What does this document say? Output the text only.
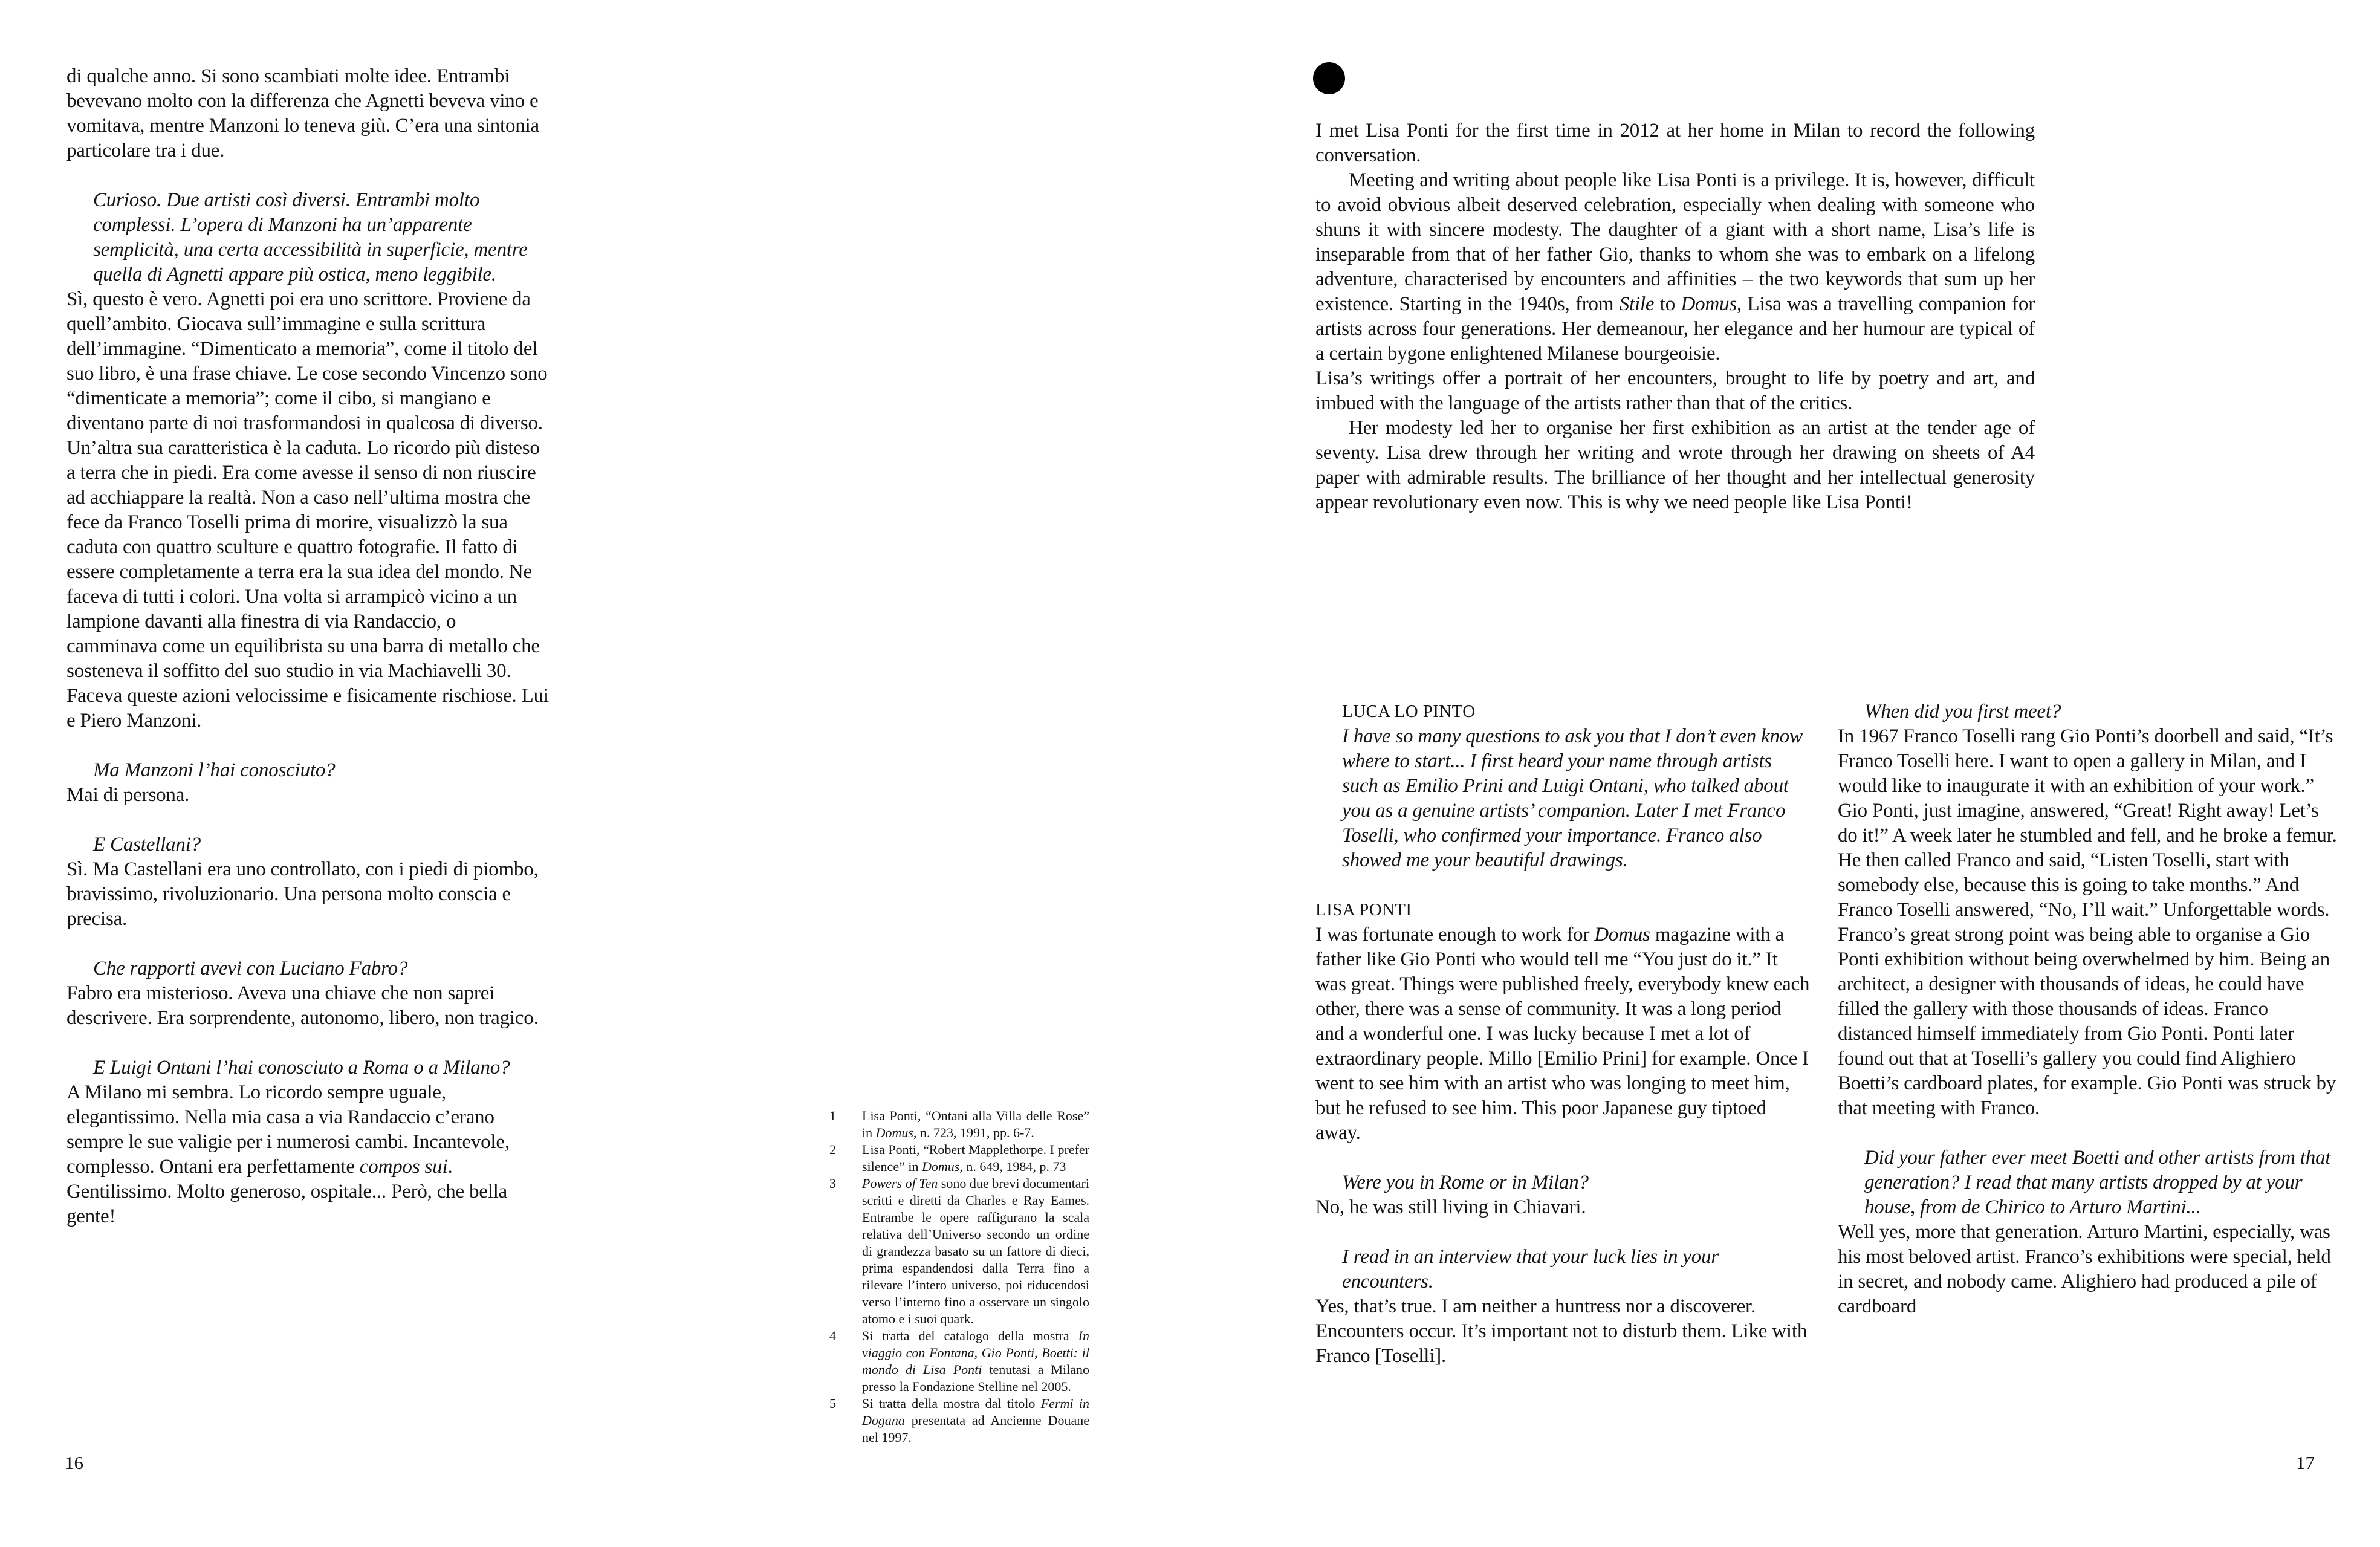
di qualche anno. Si sono scambiati molte idee. Entrambi bevevano molto con la differenza che Agnetti beveva vino e vomitava, mentre Manzoni lo teneva giù. C’era una sintonia particolare tra i due.

Curioso. Due artisti così diversi. Entrambi molto complessi. L’opera di Manzoni ha un’apparente semplicità, una certa accessibilità in superficie, mentre quella di Agnetti appare più ostica, meno leggibile.

Sì, questo è vero. Agnetti poi era uno scrittore. Proviene da quell’ambito. Giocava sull’immagine e sulla scrittura dell’immagine. “Dimenticato a memoria”, come il titolo del suo libro, è una frase chiave. Le cose secondo Vincenzo sono “dimenticate a memoria”; come il cibo, si mangiano e diventano parte di noi trasformandosi in qualcosa di diverso. Un’altra sua caratteristica è la caduta. Lo ricordo più disteso a terra che in piedi. Era come avesse il senso di non riuscire ad acchiappare la realtà. Non a caso nell’ultima mostra che fece da Franco Toselli prima di morire, visualizzò la sua caduta con quattro sculture e quattro fotografie. Il fatto di essere completamente a terra era la sua idea del mondo. Ne faceva di tutti i colori. Una volta si arrampicò vicino a un lampione davanti alla finestra di via Randaccio, o camminava come un equilibrista su una barra di metallo che sosteneva il soffitto del suo studio in via Machiavelli 30. Faceva queste azioni velocissime e fisicamente rischiose. Lui e Piero Manzoni.

Ma Manzoni l’hai conosciuto?

Mai di persona.

E Castellani?

Sì. Ma Castellani era uno controllato, con i piedi di piombo, bravissimo, rivoluzionario. Una persona molto conscia e precisa.

Che rapporti avevi con Luciano Fabro?

Fabro era misterioso. Aveva una chiave che non saprei descrivere. Era sorprendente, autonomo, libero, non tragico.

E Luigi Ontani l’hai conosciuto a Roma o a Milano?

A Milano mi sembra. Lo ricordo sempre uguale, elegantissimo. Nella mia casa a via Randaccio c’erano sempre le sue valigie per i numerosi cambi. Incantevole, complesso. Ontani era perfettamente compos sui. Gentilissimo. Molto generoso, ospitale... Però, che bella gente!

1	Lisa Ponti, “Ontani alla Villa delle Rose” in Domus, n. 723, 1991, pp. 6-7.
2	Lisa Ponti, “Robert Mapplethorpe. I prefer silence” in Domus, n. 649, 1984, p. 73
3	Powers of Ten sono due brevi documentari scritti e diretti da Charles e Ray Eames. Entrambe le opere raffigurano la scala relativa dell’Universo secondo un ordine di grandezza basato su un fattore di dieci, prima espandendosi dalla Terra fino a rilevare l’intero universo, poi riducendosi verso l’interno fino a osservare un singolo atomo e i suoi quark.
4	Si tratta del catalogo della mostra In viaggio con Fontana, Gio Ponti, Boetti: il mondo di Lisa Ponti tenutasi a Milano presso la Fondazione Stelline nel 2005.
5	Si tratta della mostra dal titolo Fermi in Dogana presentata ad Ancienne Douane nel 1997.
16

I met Lisa Ponti for the first time in 2012 at her home in Milan to record the following conversation.

Meeting and writing about people like Lisa Ponti is a privilege. It is, however, difficult to avoid obvious albeit deserved celebration, especially when dealing with someone who shuns it with sincere modesty. The daughter of a giant with a short name, Lisa’s life is inseparable from that of her father Gio, thanks to whom she was to embark on a lifelong adventure, characterised by encounters and affinities – the two keywords that sum up her existence. Starting in the 1940s, from Stile to Domus, Lisa was a travelling companion for artists across four generations. Her demeanour, her elegance and her humour are typical of a certain bygone enlightened Milanese bourgeoisie.

Lisa’s writings offer a portrait of her encounters, brought to life by poetry and art, and imbued with the language of the artists rather than that of the critics.

Her modesty led her to organise her first exhibition as an artist at the tender age of seventy. Lisa drew through her writing and wrote through her drawing on sheets of A4 paper with admirable results. The brilliance of her thought and her intellectual generosity appear revolutionary even now. This is why we need people like Lisa Ponti!

LUCA LO PINTO

I have so many questions to ask you that I don’t even know where to start... I first heard your name through artists such as Emilio Prini and Luigi Ontani, who talked about you as a genuine artists’ companion. Later I met Franco Toselli, who confirmed your importance. Franco also showed me your beautiful drawings.

LISA PONTI

I was fortunate enough to work for Domus magazine with a father like Gio Ponti who would tell me “You just do it.” It was great. Things were published freely, everybody knew each other, there was a sense of community. It was a long period and a wonderful one. I was lucky because I met a lot of extraordinary people. Millo [Emilio Prini] for example. Once I went to see him with an artist who was longing to meet him, but he refused to see him. This poor Japanese guy tiptoed away.

Were you in Rome or in Milan?

No, he was still living in Chiavari.

I read in an interview that your luck lies in your encounters.

Yes, that’s true. I am neither a huntress nor a discoverer. Encounters occur. It’s important not to disturb them. Like with Franco [Toselli].

When did you first meet?

In 1967 Franco Toselli rang Gio Ponti’s doorbell and said, “It’s Franco Toselli here. I want to open a gallery in Milan, and I would like to inaugurate it with an exhibition of your work.” Gio Ponti, just imagine, answered, “Great! Right away! Let’s do it!” A week later he stumbled and fell, and he broke a femur. He then called Franco and said, “Listen Toselli, start with somebody else, because this is going to take months.” And Franco Toselli answered, “No, I’ll wait.” Unforgettable words. Franco’s great strong point was being able to organise a Gio Ponti exhibition without being overwhelmed by him. Being an architect, a designer with thousands of ideas, he could have filled the gallery with those thousands of ideas. Franco distanced himself immediately from Gio Ponti. Ponti later found out that at Toselli’s gallery you could find Alighiero Boetti’s cardboard plates, for example. Gio Ponti was struck by that meeting with Franco.

Did your father ever meet Boetti and other artists from that generation? I read that many artists dropped by at your house, from de Chirico to Arturo Martini...

Well yes, more that generation. Arturo Martini, especially, was his most beloved artist. Franco’s exhibitions were special, held in secret, and nobody came. Alighiero had produced a pile of cardboard

17
